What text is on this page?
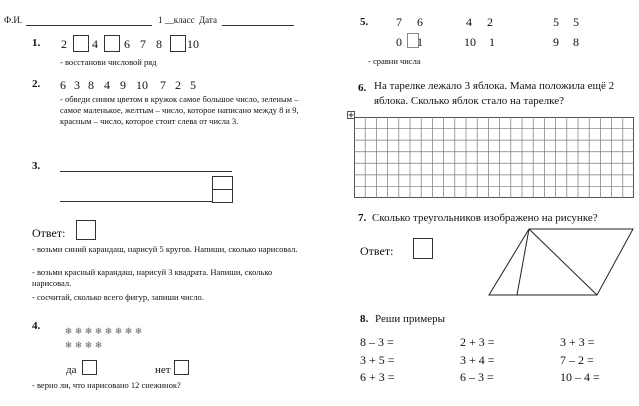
Ф.И.	1 __класс Дата
1. 2 4 6 7 8 10
- восстанови числовой ряд
2. 6 3 8 4 9 10 7 2 5
- обведи синим цветом в кружок самое большое число, зеленым – самое маленькое, желтым – число, которое написано между 8 и 9, красным – число, которое стоит слева от числа 3.
3.
Ответ:
- возьми синий карандаш, нарисуй 5 кругов. Напиши, сколько нарисовал.
- возьми красный карандаш, нарисуй 3 квадрата. Напиши, сколько нарисовал.
- сосчитай, сколько всего фигур, запиши число.
4.	❄ ❄ ❄ ❄ ❄ ❄ ❄ ❄
❄ ❄ ❄ ❄
да	нет
- верно ли, что нарисовано 12 снежинок?
5. 7 6	4 2	5 5
0 1	10 1	9 8
- сравни числа
6. На тарелке лежало 3 яблока. Мама положила ещё 2 яблока. Сколько яблок стало на тарелке?
7. Сколько треугольников изображено на рисунке?
Ответ:
8. Реши примеры
8 – 3 =	2 + 3 =	3 + 3 =
3 + 5 =	3 + 4 =	7 – 2 =
6 + 3 =	6 – 3 =	10 – 4 =
